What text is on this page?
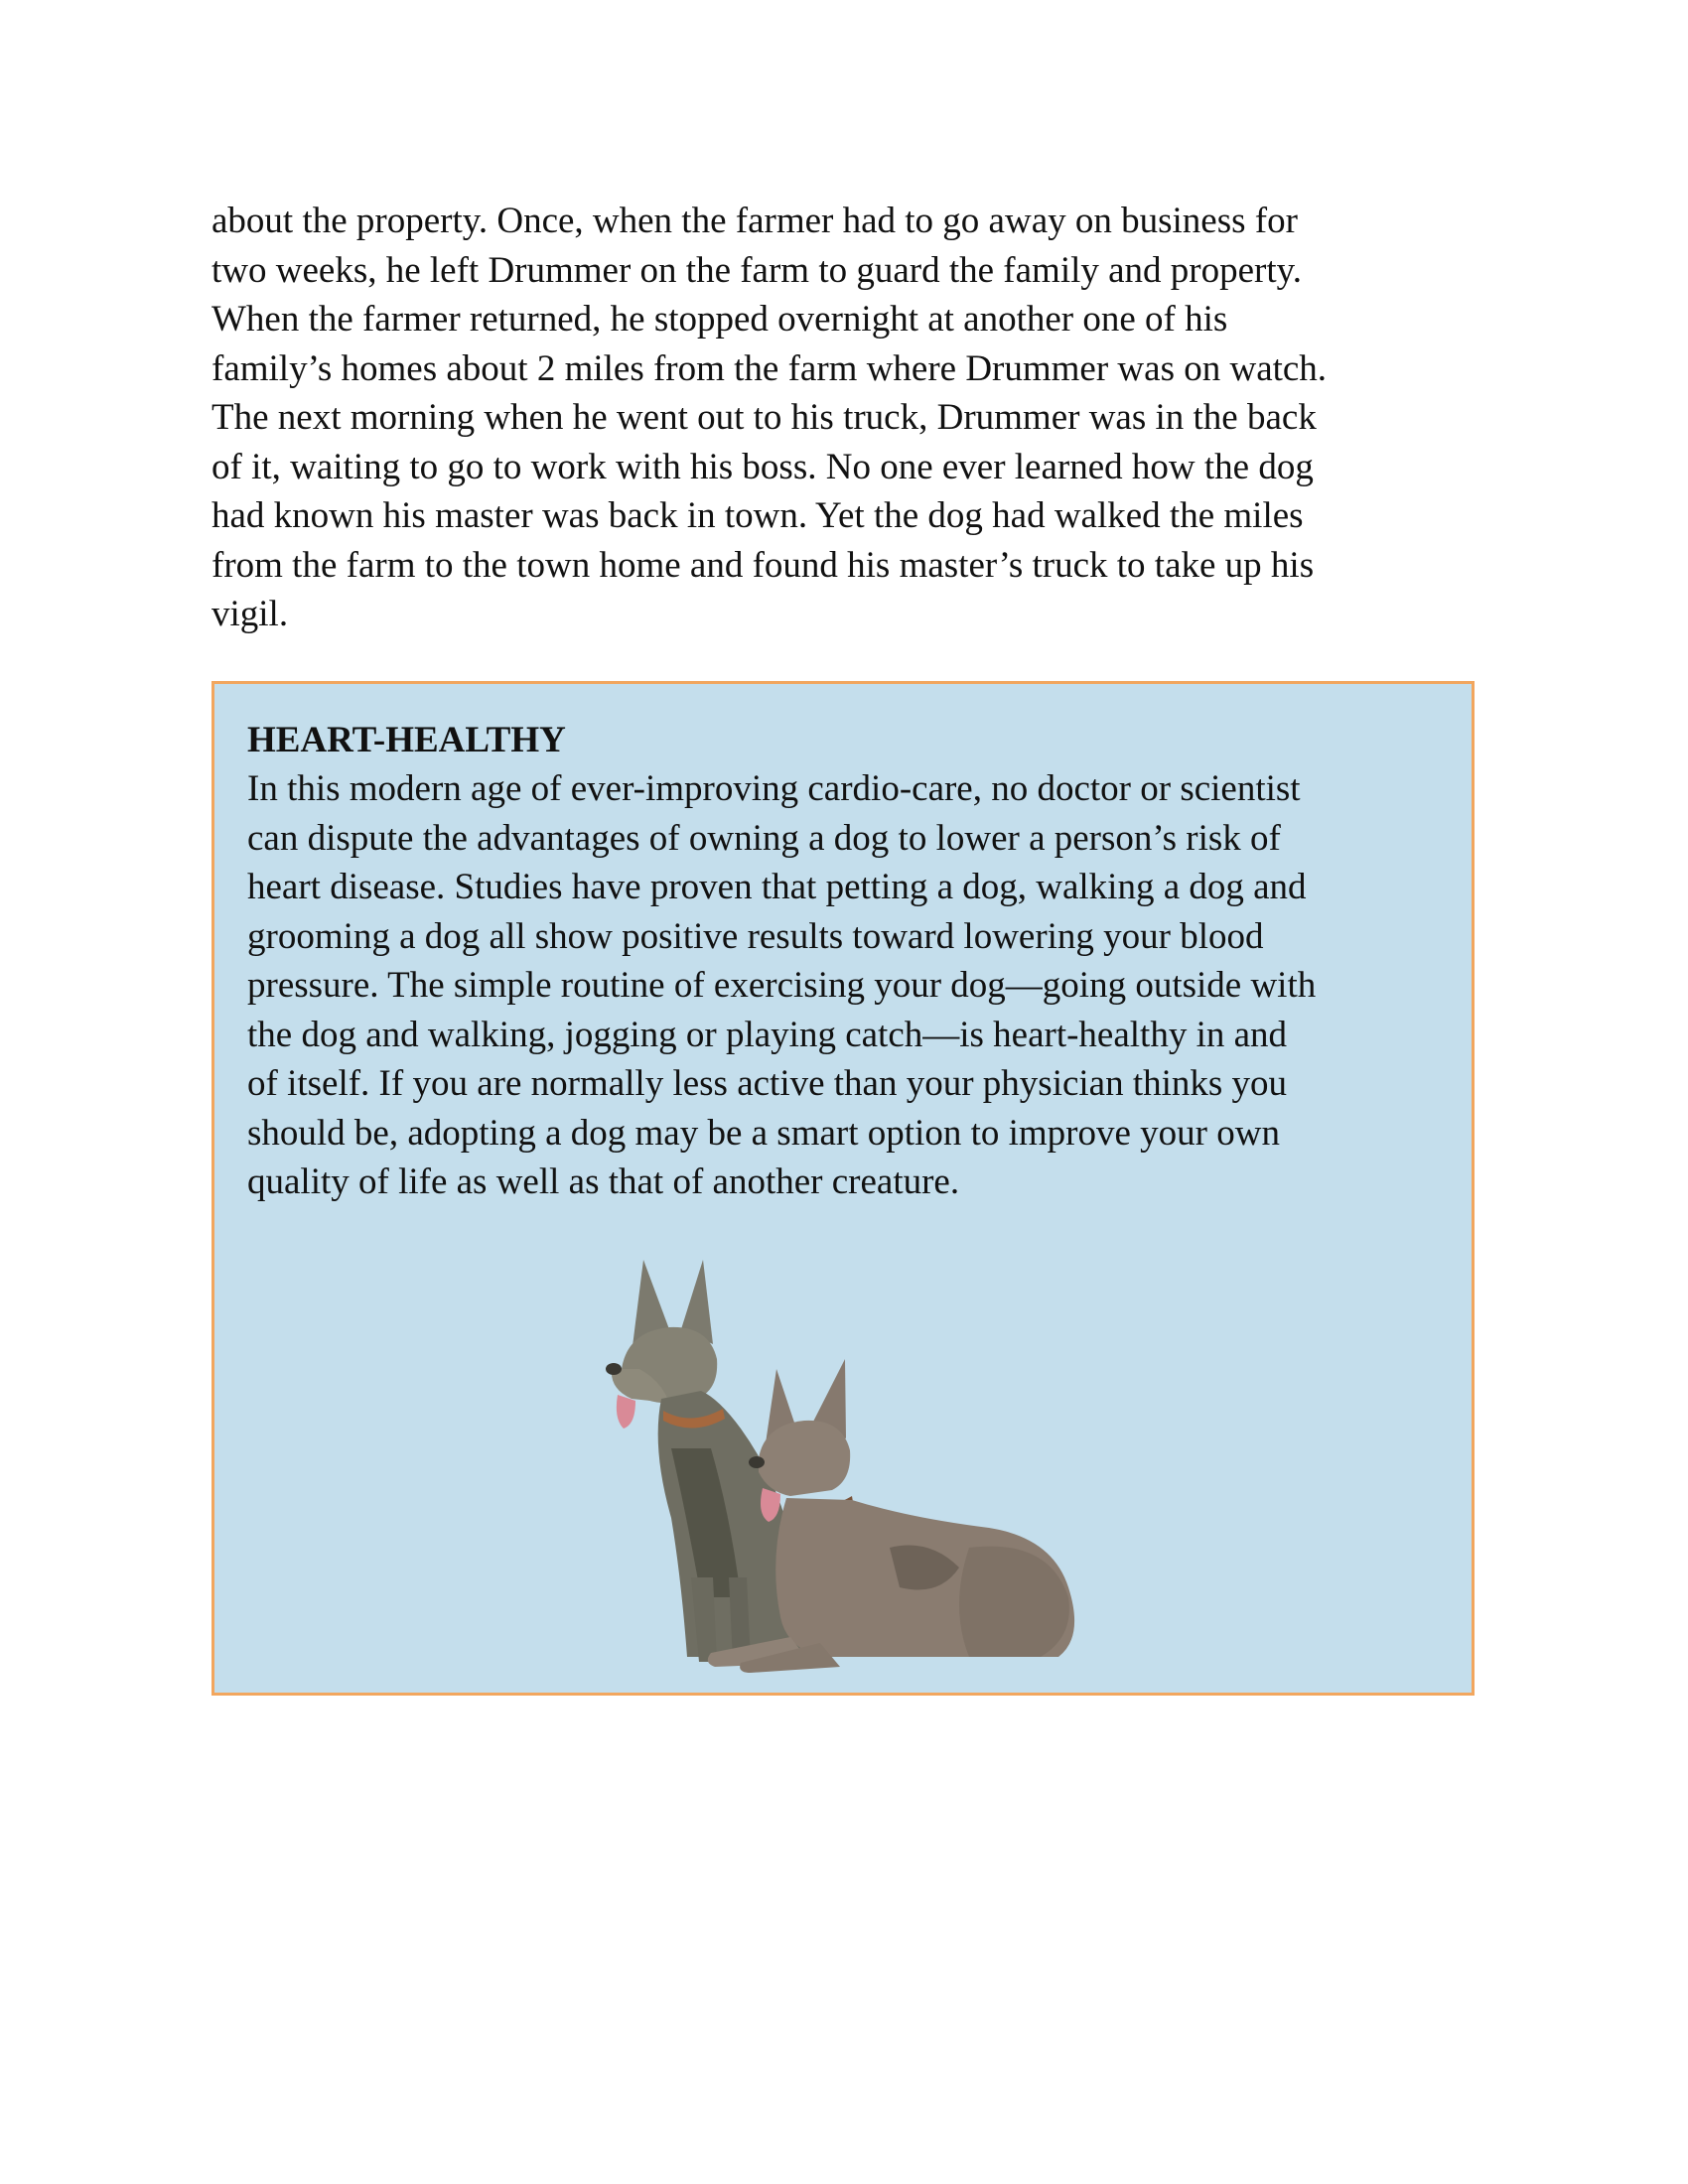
about the property. Once, when the farmer had to go away on business for
two weeks, he left Drummer on the farm to guard the family and property.
When the farmer returned, he stopped overnight at another one of his
family’s homes about 2 miles from the farm where Drummer was on watch.
The next morning when he went out to his truck, Drummer was in the back
of it, waiting to go to work with his boss. No one ever learned how the dog
had known his master was back in town. Yet the dog had walked the miles
from the farm to the town home and found his master’s truck to take up his
vigil.

HEART-HEALTHY

In this modern age of ever-improving cardio-care, no doctor or scientist
can dispute the advantages of owning a dog to lower a person’s risk of
heart disease. Studies have proven that petting a dog, walking a dog and
grooming a dog all show positive results toward lowering your blood
pressure. The simple routine of exercising your dog—going outside with
the dog and walking, jogging or playing catch—is heart-healthy in and
of itself. If you are normally less active than your physician thinks you
should be, adopting a dog may be a smart option to improve your own
quality of life as well as that of another creature.
